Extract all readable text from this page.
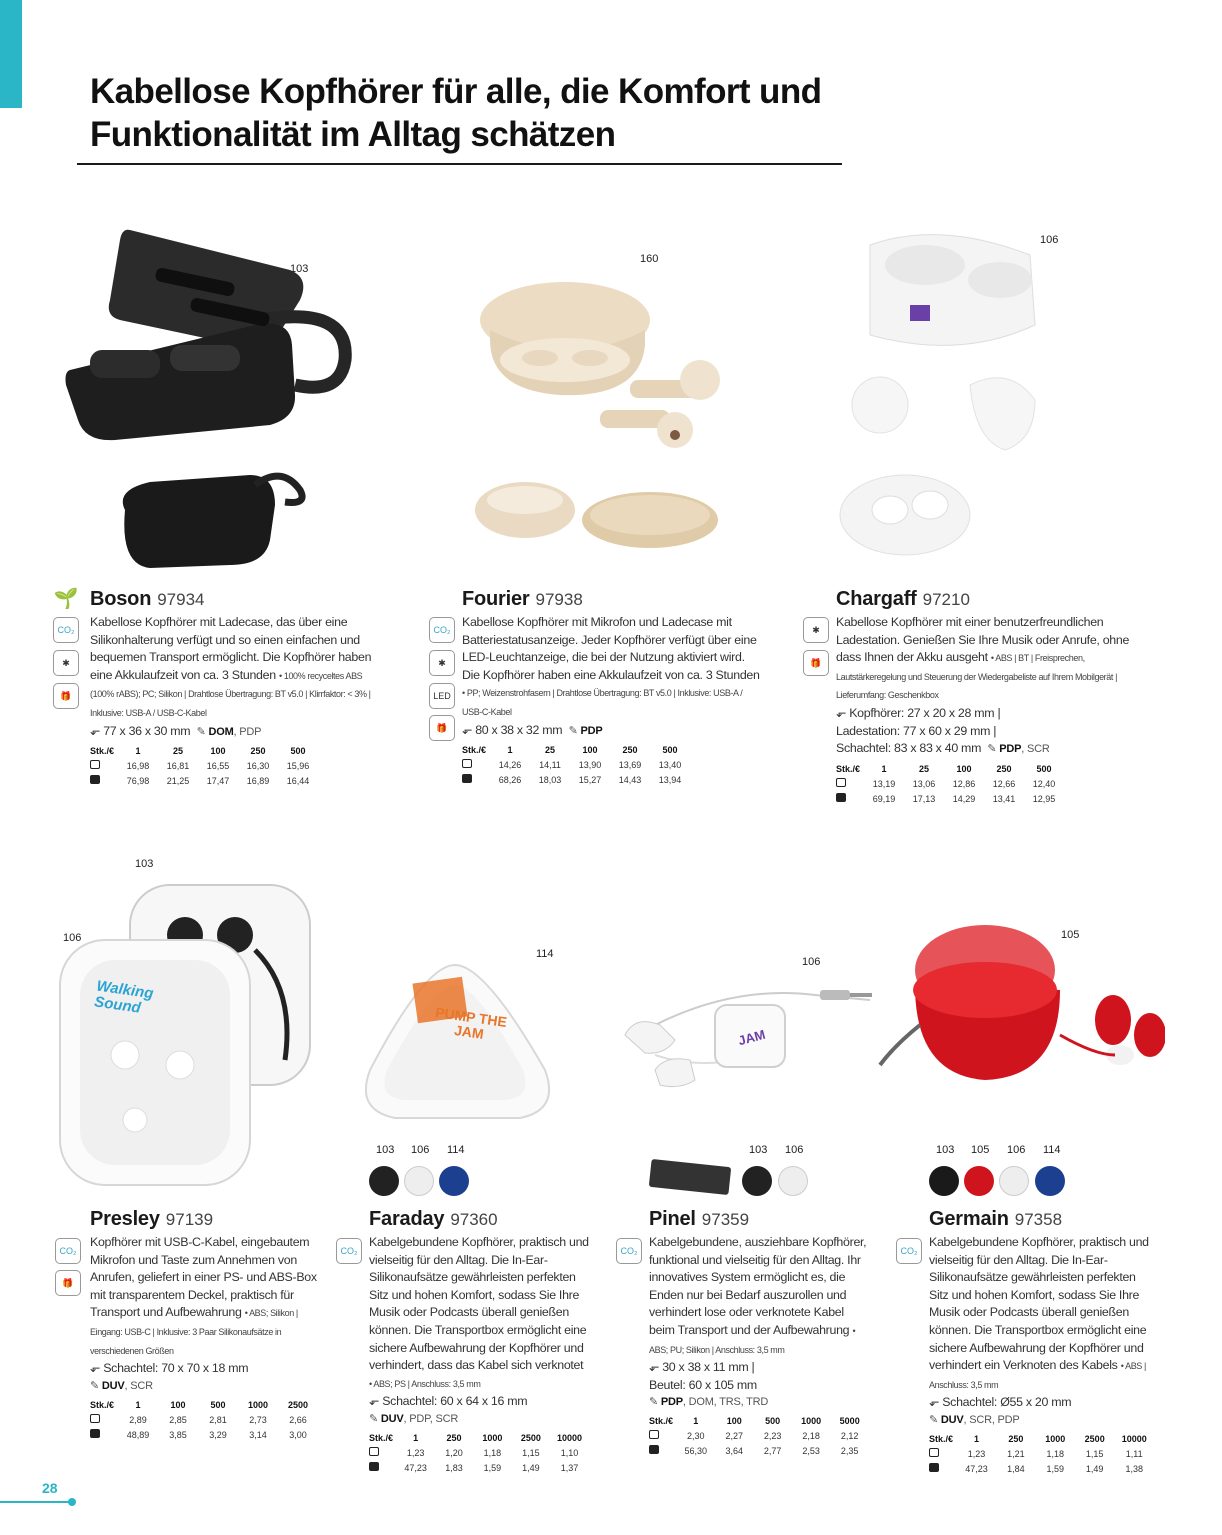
Kabellose Kopfhörer für alle, die Komfort und Funktionalität im Alltag schätzen
103
Boson 97934
Kabellose Kopfhörer mit Ladecase, das über eine Silikonhalterung verfügt und so einen einfachen und bequemen Transport ermöglicht. Die Kopfhörer haben eine Akkulaufzeit von ca. 3 Stunden • 100% recyceltes ABS (100% rABS); PC; Silikon | Drahtlose Übertragung: BT v5.0 | Klirrfaktor: < 3% | Inklusive: USB-A / USB-C-Kabel
⬐ 77 x 36 x 30 mm ✎ DOM, PDP
Stk./€	1	25	100	250	500
	16,98	16,81	16,55	16,30	15,96
	76,98	21,25	17,47	16,89	16,44
🌱
CO₂
✱
🎁
160
Fourier 97938
Kabellose Kopfhörer mit Mikrofon und Ladecase mit Batteriestatusanzeige. Jeder Kopfhörer verfügt über eine LED-Leuchtanzeige, die bei der Nutzung aktiviert wird. Die Kopfhörer haben eine Akkulaufzeit von ca. 3 Stunden • PP; Weizenstrohfasern | Drahtlose Übertragung: BT v5.0 | Inklusive: USB-A / USB-C-Kabel
⬐ 80 x 38 x 32 mm ✎ PDP
Stk./€	1	25	100	250	500
	14,26	14,11	13,90	13,69	13,40
	68,26	18,03	15,27	14,43	13,94
CO₂
✱
LED
🎁
106
Chargaff 97210
Kabellose Kopfhörer mit einer benutzerfreundlichen Ladestation. Genießen Sie Ihre Musik oder Anrufe, ohne dass Ihnen der Akku ausgeht • ABS | BT | Freisprechen, Lautstärkeregelung und Steuerung der Wiedergabeliste auf Ihrem Mobilgerät | Lieferumfang: Geschenkbox
⬐ Kopfhörer: 27 x 20 x 28 mm |
Ladestation: 77 x 60 x 29 mm |
Schachtel: 83 x 83 x 40 mm ✎ PDP, SCR
Stk./€	1	25	100	250	500
	13,19	13,06	12,86	12,66	12,40
	69,19	17,13	14,29	13,41	12,95
✱
🎁
103
106
Walking Sound
Presley 97139
Kopfhörer mit USB-C-Kabel, eingebautem Mikrofon und Taste zum Annehmen von Anrufen, geliefert in einer PS- und ABS-Box mit transparentem Deckel, praktisch für Transport und Aufbewahrung • ABS; Silikon | Eingang: USB-C | Inklusive: 3 Paar Silikonaufsätze in verschiedenen Größen
⬐ Schachtel: 70 x 70 x 18 mm
✎ DUV, SCR
Stk./€	1	100	500	1000	2500
	2,89	2,85	2,81	2,73	2,66
	48,89	3,85	3,29	3,14	3,00
CO₂
🎁
PUMP THE JAM
114
103 106 114
Faraday 97360
Kabelgebundene Kopfhörer, praktisch und vielseitig für den Alltag. Die In-Ear-Silikonaufsätze gewährleisten perfekten Sitz und hohen Komfort, sodass Sie Ihre Musik oder Podcasts überall genießen können. Die Transportbox ermöglicht eine sichere Aufbewahrung der Kopfhörer und verhindert, dass das Kabel sich verknotet • ABS; PS | Anschluss: 3,5 mm
⬐ Schachtel: 60 x 64 x 16 mm
✎ DUV, PDP, SCR
Stk./€	1	250	1000	2500	10000
	1,23	1,20	1,18	1,15	1,10
	47,23	1,83	1,59	1,49	1,37
CO₂
JAM
106
103 106
Pinel 97359
Kabelgebundene, ausziehbare Kopfhörer, funktional und vielseitig für den Alltag. Ihr innovatives System ermöglicht es, die Enden nur bei Bedarf auszurollen und verhindert lose oder verknotete Kabel beim Transport und der Aufbewahrung • ABS; PU; Silikon | Anschluss: 3,5 mm
⬐ 30 x 38 x 11 mm |
Beutel: 60 x 105 mm
✎ PDP, DOM, TRS, TRD
Stk./€	1	100	500	1000	5000
	2,30	2,27	2,23	2,18	2,12
	56,30	3,64	2,77	2,53	2,35
CO₂
105
103 105 106 114
Germain 97358
Kabelgebundene Kopfhörer, praktisch und vielseitig für den Alltag. Die In-Ear-Silikonaufsätze gewährleisten perfekten Sitz und hohen Komfort, sodass Sie Ihre Musik oder Podcasts überall genießen können. Die Transportbox ermöglicht eine sichere Aufbewahrung der Kopfhörer und verhindert ein Verknoten des Kabels • ABS | Anschluss: 3,5 mm
⬐ Schachtel: Ø55 x 20 mm
✎ DUV, SCR, PDP
Stk./€	1	250	1000	2500	10000
	1,23	1,21	1,18	1,15	1,11
	47,23	1,84	1,59	1,49	1,38
CO₂
28
